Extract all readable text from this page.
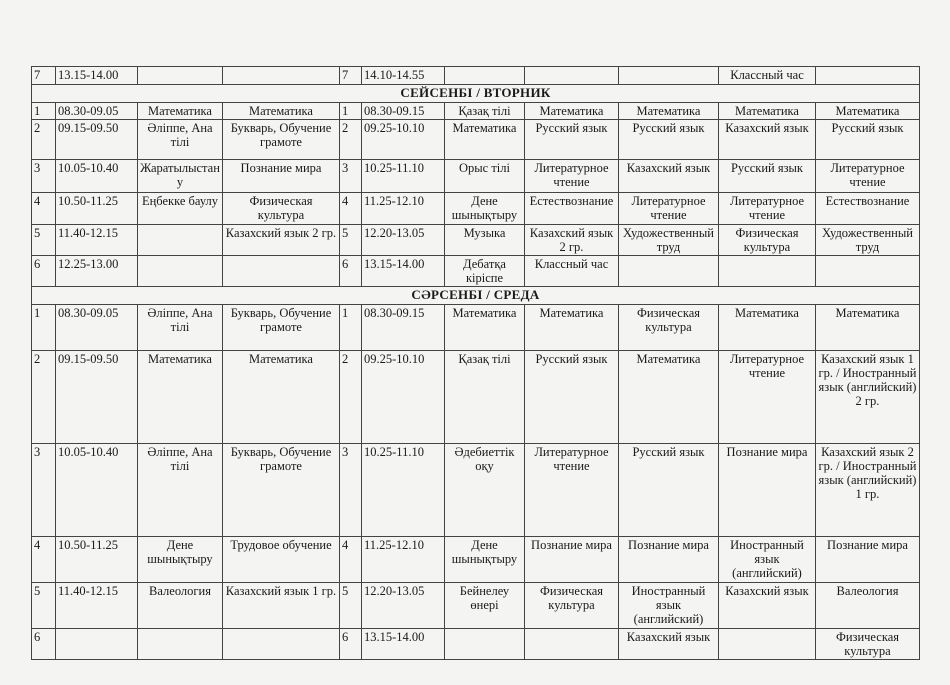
7	13.15-14.00			7	14.10-14.55				Классный час	
СЕЙСЕНБІ / ВТОРНИК										
1	08.30-09.05	Математика	Математика	1	08.30-09.15	Қазақ тілі	Математика	Математика	Математика	Математика
2	09.15-09.50	Әліппе, Ана тілі	Букварь, Обучение грамоте	2	09.25-10.10	Математика	Русский язык	Русский язык	Казахский язык	Русский язык
3	10.05-10.40	Жаратылыстану	Познание мира	3	10.25-11.10	Орыс тілі	Литературное чтение	Казахский язык	Русский язык	Литературное чтение
4	10.50-11.25	Еңбекке баулу	Физическая культура	4	11.25-12.10	Дене шынықтыру	Естествознание	Литературное чтение	Литературное чтение	Естествознание
5	11.40-12.15		Казахский язык 2 гр.	5	12.20-13.05	Музыка	Казахский язык 2 гр.	Художественный труд	Физическая культура	Художественный труд
6	12.25-13.00			6	13.15-14.00	Дебатқа кіріспе	Классный час			
СӘРСЕНБІ / СРЕДА										
1	08.30-09.05	Әліппе, Ана тілі	Букварь, Обучение грамоте	1	08.30-09.15	Математика	Математика	Физическая культура	Математика	Математика
2	09.15-09.50	Математика	Математика	2	09.25-10.10	Қазақ тілі	Русский язык	Математика	Литературное чтение	Казахский язык 1 гр. / Иностранный язык (английский) 2 гр.
3	10.05-10.40	Әліппе, Ана тілі	Букварь, Обучение грамоте	3	10.25-11.10	Әдебиеттік оқу	Литературное чтение	Русский язык	Познание мира	Казахский язык 2 гр. / Иностранный язык (английский) 1 гр.
4	10.50-11.25	Дене шынықтыру	Трудовое обучение	4	11.25-12.10	Дене шынықтыру	Познание мира	Познание мира	Иностранный язык (английский)	Познание мира
5	11.40-12.15	Валеология	Казахский язык 1 гр.	5	12.20-13.05	Бейнелеу өнері	Физическая культура	Иностранный язык (английский)	Казахский язык	Валеология
6				6	13.15-14.00			Казахский язык		Физическая культура
